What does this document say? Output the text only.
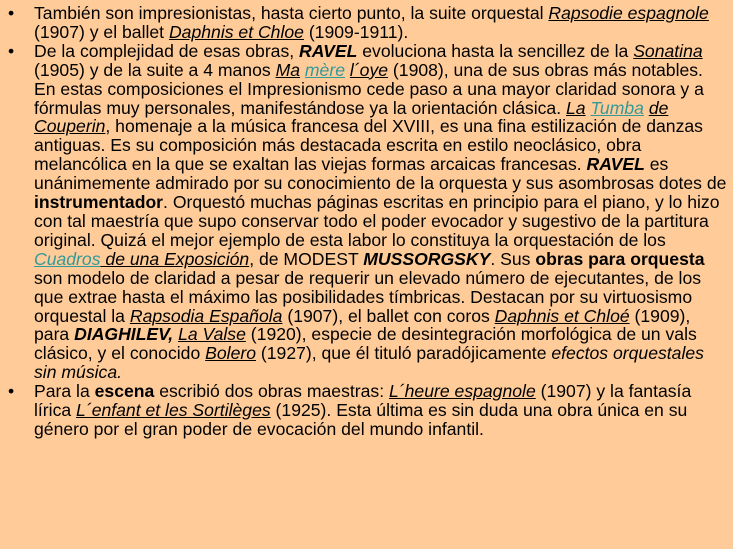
•	También son impresionistas, hasta cierto punto, la suite orquestal Rapsodie espagnole (1907) y el ballet Daphnis et Chloe (1909-1911).
•	De la complejidad de esas obras, RAVEL evoluciona hasta la sencillez de la Sonatina (1905) y de la suite a 4 manos Ma mère l´oye (1908), una de sus obras más notables. En estas composiciones el Impresionismo cede paso a una mayor claridad sonora y a fórmulas muy personales, manifestándose ya la orientación clásica. La Tumba de Couperin, homenaje a la música francesa del XVIII, es una fina estilización de danzas antiguas. Es su composición más destacada escrita en estilo neoclásico, obra melancólica en la que se exaltan las viejas formas arcaicas francesas. RAVEL es unánimemente admirado por su conocimiento de la orquesta y sus asombrosas dotes de instrumentador. Orquestó muchas páginas escritas en principio para el piano, y lo hizo con tal maestría que supo conservar todo el poder evocador y sugestivo de la partitura original. Quizá el mejor ejemplo de esta labor lo constituya la orquestación de los Cuadros de una Exposición, de MODEST MUSSORGSKY. Sus obras para orquesta son modelo de claridad a pesar de requerir un elevado número de ejecutantes, de los que extrae hasta el máximo las posibilidades tímbricas. Destacan por su virtuosismo orquestal la Rapsodia Española (1907), el ballet con coros Daphnis et Chloé (1909), para DIAGHILEV, La Valse (1920), especie de desintegración morfológica de un vals clásico, y el conocido Bolero (1927), que él tituló paradójicamente efectos orquestales sin música.
•	Para la escena escribió dos obras maestras: L´heure espagnole (1907) y la fantasía lírica L´enfant et les Sortilèges (1925). Esta última es sin duda una obra única en su género por el gran poder de evocación del mundo infantil.
